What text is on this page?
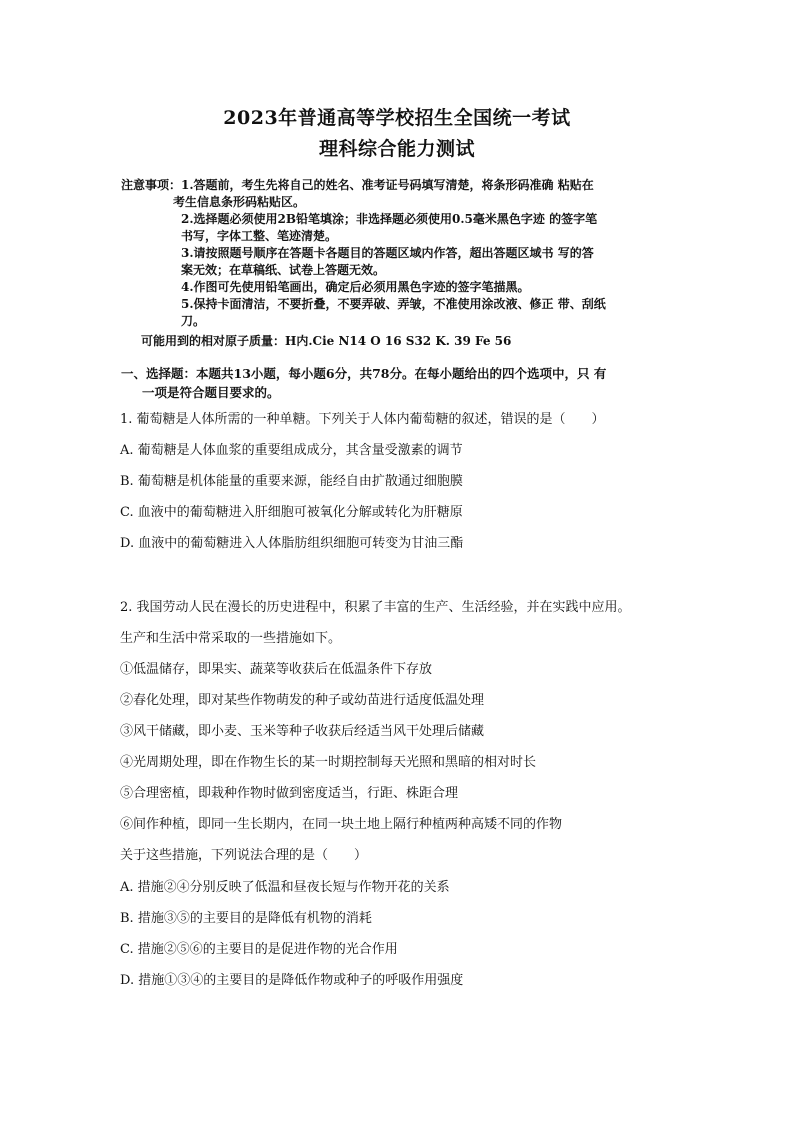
2023年普通高等学校招生全国统一考试
理科综合能力测试
注意事项： 1.答题前，考生先将自己的姓名、准考证号码填写清楚，将条形码准确 粘贴在
考生信息条形码粘贴区。
2.选择题必须使用2B铅笔填涂；非选择题必须使用0.5毫米黑色字迹 的签字笔
书写，字体工整、笔迹清楚。
3.请按照题号顺序在答题卡各题目的答题区域内作答，超出答题区域书 写的答
案无效；在草稿纸、试卷上答题无效。
4.作图可先使用铅笔画出，确定后必须用黑色字迹的签字笔描黑。
5.保持卡面清洁，不要折叠，不要弄破、弄皱，不准使用涂改液、修正 带、刮纸
刀。
可能用到的相对原子质量：H内.Cie N14 O 16 S32 K. 39 Fe 56
一、选择题：本题共13小题，每小题6分，共78分。在每小题给出的四个选项中，只 有
一项是符合题目要求的。
1. 葡萄糖是人体所需的一种单糖。下列关于人体内葡萄糖的叙述，错误的是（　　）
A. 葡萄糖是人体血浆的重要组成成分，其含量受激素的调节
B. 葡萄糖是机体能量的重要来源，能经自由扩散通过细胞膜
C. 血液中的葡萄糖进入肝细胞可被氧化分解或转化为肝糖原
D. 血液中的葡萄糖进入人体脂肪组织细胞可转变为甘油三酯
2. 我国劳动人民在漫长的历史进程中，积累了丰富的生产、生活经验，并在实践中应用。
生产和生活中常采取的一些措施如下。
①低温储存，即果实、蔬菜等收获后在低温条件下存放
②春化处理，即对某些作物萌发的种子或幼苗进行适度低温处理
③风干储藏，即小麦、玉米等种子收获后经适当风干处理后储藏
④光周期处理，即在作物生长的某一时期控制每天光照和黑暗的相对时长
⑤合理密植，即栽种作物时做到密度适当，行距、株距合理
⑥间作种植，即同一生长期内，在同一块土地上隔行种植两种高矮不同的作物
关于这些措施，下列说法合理的是（　　）
A. 措施②④分别反映了低温和昼夜长短与作物开花的关系
B. 措施③⑤的主要目的是降低有机物的消耗
C. 措施②⑤⑥的主要目的是促进作物的光合作用
D. 措施①③④的主要目的是降低作物或种子的呼吸作用强度
